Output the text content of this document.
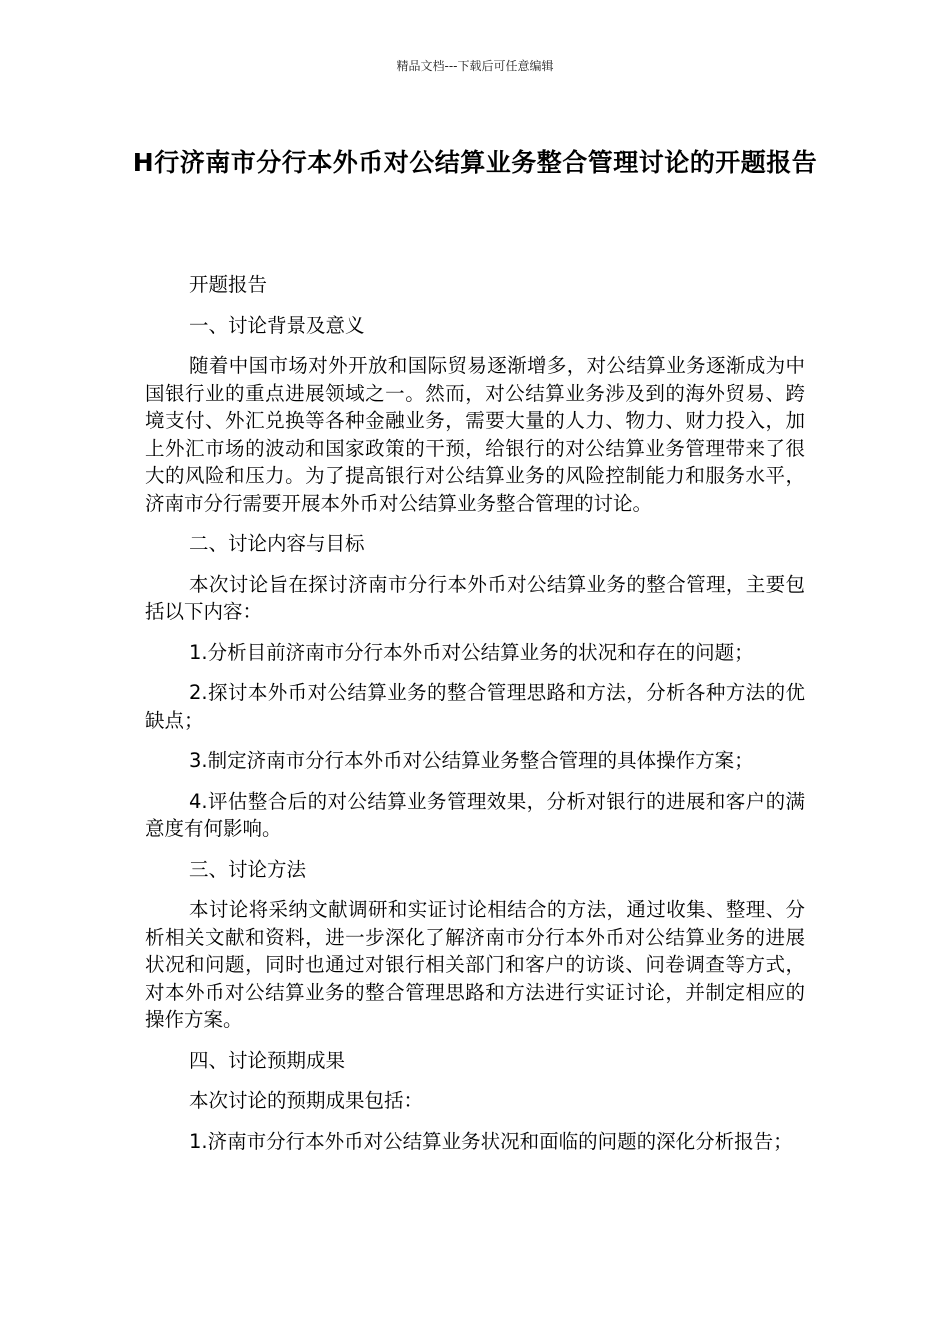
精品文档---下载后可任意编辑
H行济南市分行本外币对公结算业务整合管理讨论的开题报告

开题报告

一、讨论背景及意义

随着中国市场对外开放和国际贸易逐渐增多，对公结算业务逐渐成为中国银行业的重点进展领域之一。然而，对公结算业务涉及到的海外贸易、跨境支付、外汇兑换等各种金融业务，需要大量的人力、物力、财力投入，加上外汇市场的波动和国家政策的干预，给银行的对公结算业务管理带来了很大的风险和压力。为了提高银行对公结算业务的风险控制能力和服务水平，济南市分行需要开展本外币对公结算业务整合管理的讨论。

二、讨论内容与目标

本次讨论旨在探讨济南市分行本外币对公结算业务的整合管理，主要包括以下内容：

1.分析目前济南市分行本外币对公结算业务的状况和存在的问题；

2.探讨本外币对公结算业务的整合管理思路和方法，分析各种方法的优缺点；

3.制定济南市分行本外币对公结算业务整合管理的具体操作方案；

4.评估整合后的对公结算业务管理效果，分析对银行的进展和客户的满意度有何影响。

三、讨论方法

本讨论将采纳文献调研和实证讨论相结合的方法，通过收集、整理、分析相关文献和资料，进一步深化了解济南市分行本外币对公结算业务的进展状况和问题，同时也通过对银行相关部门和客户的访谈、问卷调查等方式，对本外币对公结算业务的整合管理思路和方法进行实证讨论，并制定相应的操作方案。

四、讨论预期成果

本次讨论的预期成果包括：

1.济南市分行本外币对公结算业务状况和面临的问题的深化分析报告；
